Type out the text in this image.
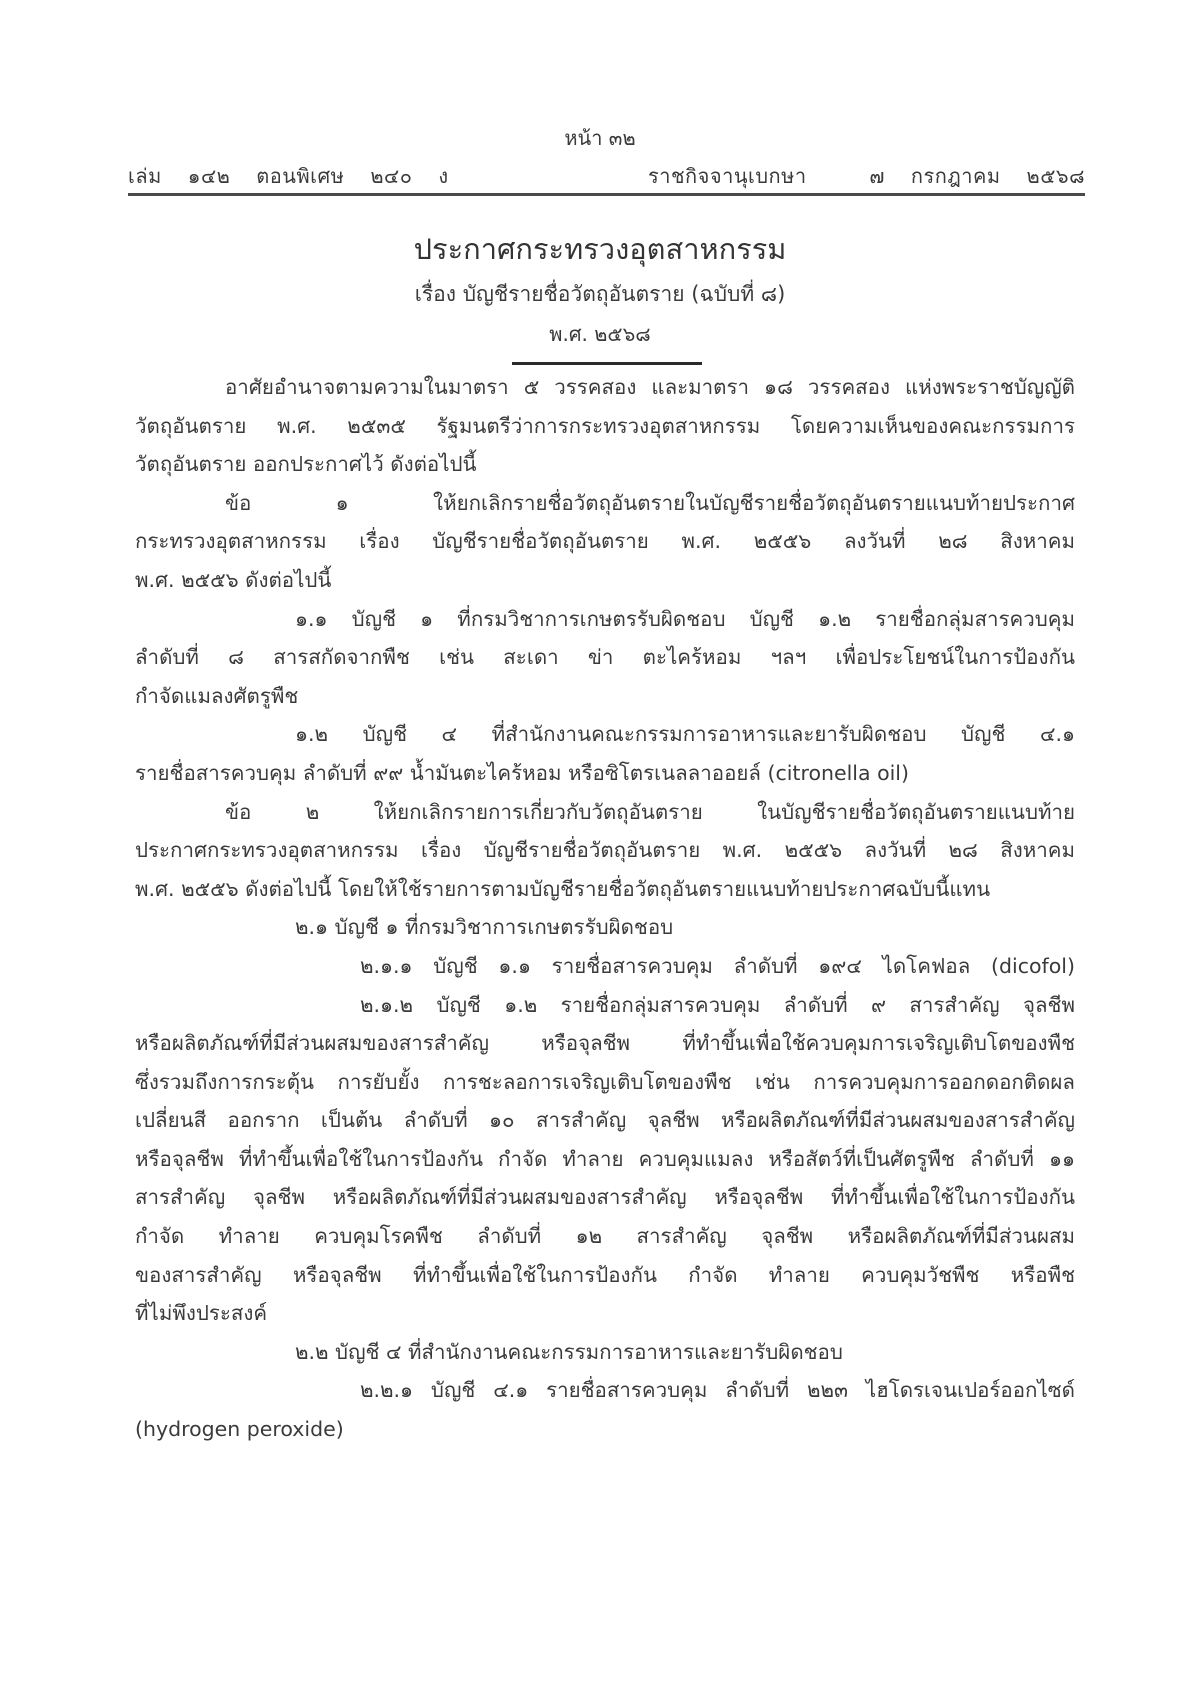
หน้า ๓๒
เล่ม ๑๔๒ ตอนพิเศษ ๒๔๐ ง	ราชกิจจานุเบกษา	๗ กรกฎาคม ๒๕๖๘
ประกาศกระทรวงอุตสาหกรรม
เรื่อง บัญชีรายชื่อวัตถุอันตราย (ฉบับที่ ๘)
พ.ศ. ๒๕๖๘
อาศัยอำนาจตามความในมาตรา ๕ วรรคสอง และมาตรา ๑๘ วรรคสอง แห่งพระราชบัญญัติ
วัตถุอันตราย พ.ศ. ๒๕๓๕ รัฐมนตรีว่าการกระทรวงอุตสาหกรรม โดยความเห็นของคณะกรรมการ
วัตถุอันตราย ออกประกาศไว้ ดังต่อไปนี้
ข้อ ๑ ให้ยกเลิกรายชื่อวัตถุอันตรายในบัญชีรายชื่อวัตถุอันตรายแนบท้ายประกาศ
กระทรวงอุตสาหกรรม เรื่อง บัญชีรายชื่อวัตถุอันตราย พ.ศ. ๒๕๕๖ ลงวันที่ ๒๘ สิงหาคม
พ.ศ. ๒๕๕๖ ดังต่อไปนี้
๑.๑ บัญชี ๑ ที่กรมวิชาการเกษตรรับผิดชอบ บัญชี ๑.๒ รายชื่อกลุ่มสารควบคุม
ลำดับที่ ๘ สารสกัดจากพืช เช่น สะเดา ข่า ตะไคร้หอม ฯลฯ เพื่อประโยชน์ในการป้องกัน
กำจัดแมลงศัตรูพืช
๑.๒ บัญชี ๔ ที่สำนักงานคณะกรรมการอาหารและยารับผิดชอบ บัญชี ๔.๑
รายชื่อสารควบคุม ลำดับที่ ๙๙ น้ำมันตะไคร้หอม หรือซิโตรเนลลาออยล์ (citronella oil)
ข้อ ๒ ให้ยกเลิกรายการเกี่ยวกับวัตถุอันตราย ในบัญชีรายชื่อวัตถุอันตรายแนบท้าย
ประกาศกระทรวงอุตสาหกรรม เรื่อง บัญชีรายชื่อวัตถุอันตราย พ.ศ. ๒๕๕๖ ลงวันที่ ๒๘ สิงหาคม
พ.ศ. ๒๕๕๖ ดังต่อไปนี้ โดยให้ใช้รายการตามบัญชีรายชื่อวัตถุอันตรายแนบท้ายประกาศฉบับนี้แทน
๒.๑ บัญชี ๑ ที่กรมวิชาการเกษตรรับผิดชอบ
๒.๑.๑ บัญชี ๑.๑ รายชื่อสารควบคุม ลำดับที่ ๑๙๔ ไดโคฟอล (dicofol)
๒.๑.๒ บัญชี ๑.๒ รายชื่อกลุ่มสารควบคุม ลำดับที่ ๙ สารสำคัญ จุลชีพ
หรือผลิตภัณฑ์ที่มีส่วนผสมของสารสำคัญ หรือจุลชีพ ที่ทำขึ้นเพื่อใช้ควบคุมการเจริญเติบโตของพืช
ซึ่งรวมถึงการกระตุ้น การยับยั้ง การชะลอการเจริญเติบโตของพืช เช่น การควบคุมการออกดอกติดผล
เปลี่ยนสี ออกราก เป็นต้น ลำดับที่ ๑๐ สารสำคัญ จุลชีพ หรือผลิตภัณฑ์ที่มีส่วนผสมของสารสำคัญ
หรือจุลชีพ ที่ทำขึ้นเพื่อใช้ในการป้องกัน กำจัด ทำลาย ควบคุมแมลง หรือสัตว์ที่เป็นศัตรูพืช ลำดับที่ ๑๑
สารสำคัญ จุลชีพ หรือผลิตภัณฑ์ที่มีส่วนผสมของสารสำคัญ หรือจุลชีพ ที่ทำขึ้นเพื่อใช้ในการป้องกัน
กำจัด ทำลาย ควบคุมโรคพืช ลำดับที่ ๑๒ สารสำคัญ จุลชีพ หรือผลิตภัณฑ์ที่มีส่วนผสม
ของสารสำคัญ หรือจุลชีพ ที่ทำขึ้นเพื่อใช้ในการป้องกัน กำจัด ทำลาย ควบคุมวัชพืช หรือพืช
ที่ไม่พึงประสงค์
๒.๒ บัญชี ๔ ที่สำนักงานคณะกรรมการอาหารและยารับผิดชอบ
๒.๒.๑ บัญชี ๔.๑ รายชื่อสารควบคุม ลำดับที่ ๒๒๓ ไฮโดรเจนเปอร์ออกไซด์
(hydrogen peroxide)
